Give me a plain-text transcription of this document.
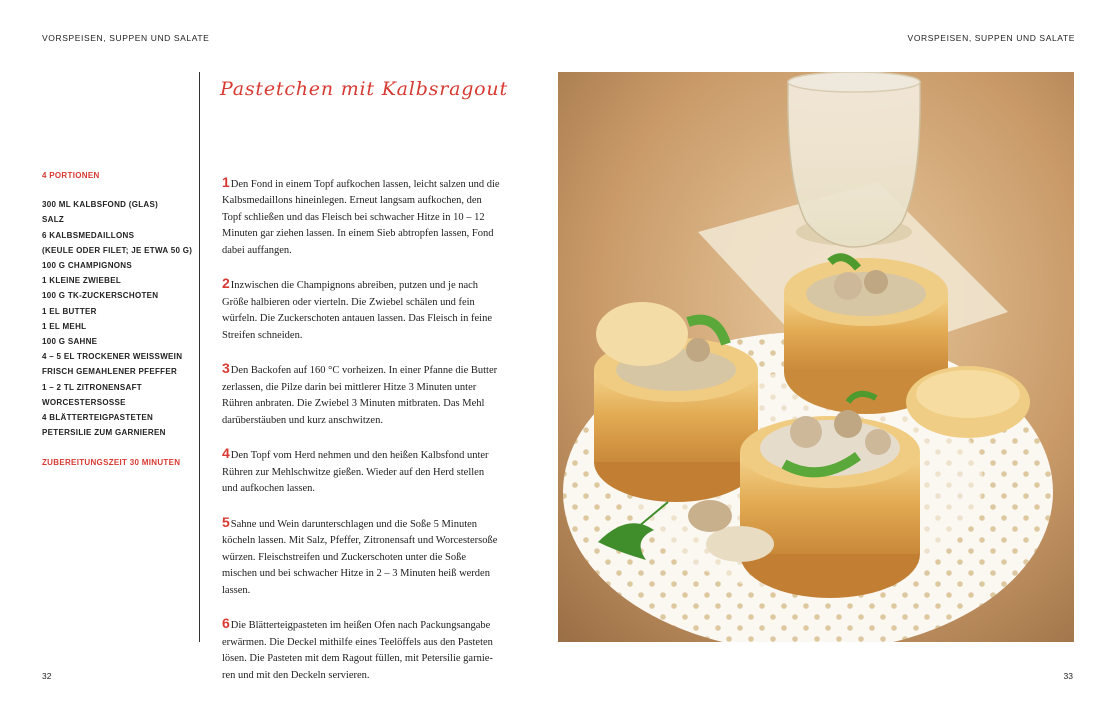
VORSPEISEN, SUPPEN UND SALATE	VORSPEISEN, SUPPEN UND SALATE
4 PORTIONEN
300 ML KALBSFOND (GLAS)
SALZ
6 KALBSMEDAILLONS
(KEULE ODER FILET; JE ETWA 50 G)
100 G CHAMPIGNONS
1 KLEINE ZWIEBEL
100 G TK-ZUCKERSCHOTEN
1 EL BUTTER
1 EL MEHL
100 G SAHNE
4 – 5 EL TROCKENER WEISSWEIN
FRISCH GEMAHLENER PFEFFER
1 – 2 TL ZITRONENSAFT
WORCESTERSOSSE
4 BLÄTTERTEIGPASTETEN
PETERSILIE ZUM GARNIEREN
ZUBEREITUNGSZEIT 30 MINUTEN
Pastetchen mit Kalbsragout

1Den Fond in einem Topf aufkochen lassen, leicht salzen und die Kalbsmedaillons hineinlegen. Erneut langsam aufkochen, den Topf schließen und das Fleisch bei schwacher Hitze in 10 – 12 Minuten gar ziehen lassen. In einem Sieb abtropfen lassen, Fond dabei auffangen.

2Inzwischen die Champignons abreiben, putzen und je nach Größe halbieren oder vierteln. Die Zwiebel schälen und fein würfeln. Die Zuckerschoten antauen lassen. Das Fleisch in feine Streifen schneiden.

3Den Backofen auf 160 °C vorheizen. In einer Pfanne die Butter zerlassen, die Pilze darin bei mittlerer Hitze 3 Minuten unter Rühren anbraten. Die Zwiebel 3 Minuten mitbraten. Das Mehl darüberstäuben und kurz anschwitzen.

4Den Topf vom Herd nehmen und den heißen Kalbsfond unter Rühren zur Mehlschwitze gießen. Wieder auf den Herd stellen und aufkochen lassen.

5Sahne und Wein darunterschlagen und die Soße 5 Minuten köcheln lassen. Mit Salz, Pfeffer, Zitronensaft und Worcestersoße würzen. Fleischstreifen und Zuckerschoten unter die Soße mischen und bei schwacher Hitze in 2 – 3 Minuten heiß werden lassen.

6Die Blätterteigpasteten im heißen Ofen nach Packungsangabe erwärmen. Die Deckel mithilfe eines Teelöffels aus den Pasteten lösen. Die Pasteten mit dem Ragout füllen, mit Petersilie garnieren und mit den Deckeln servieren.

32	33
